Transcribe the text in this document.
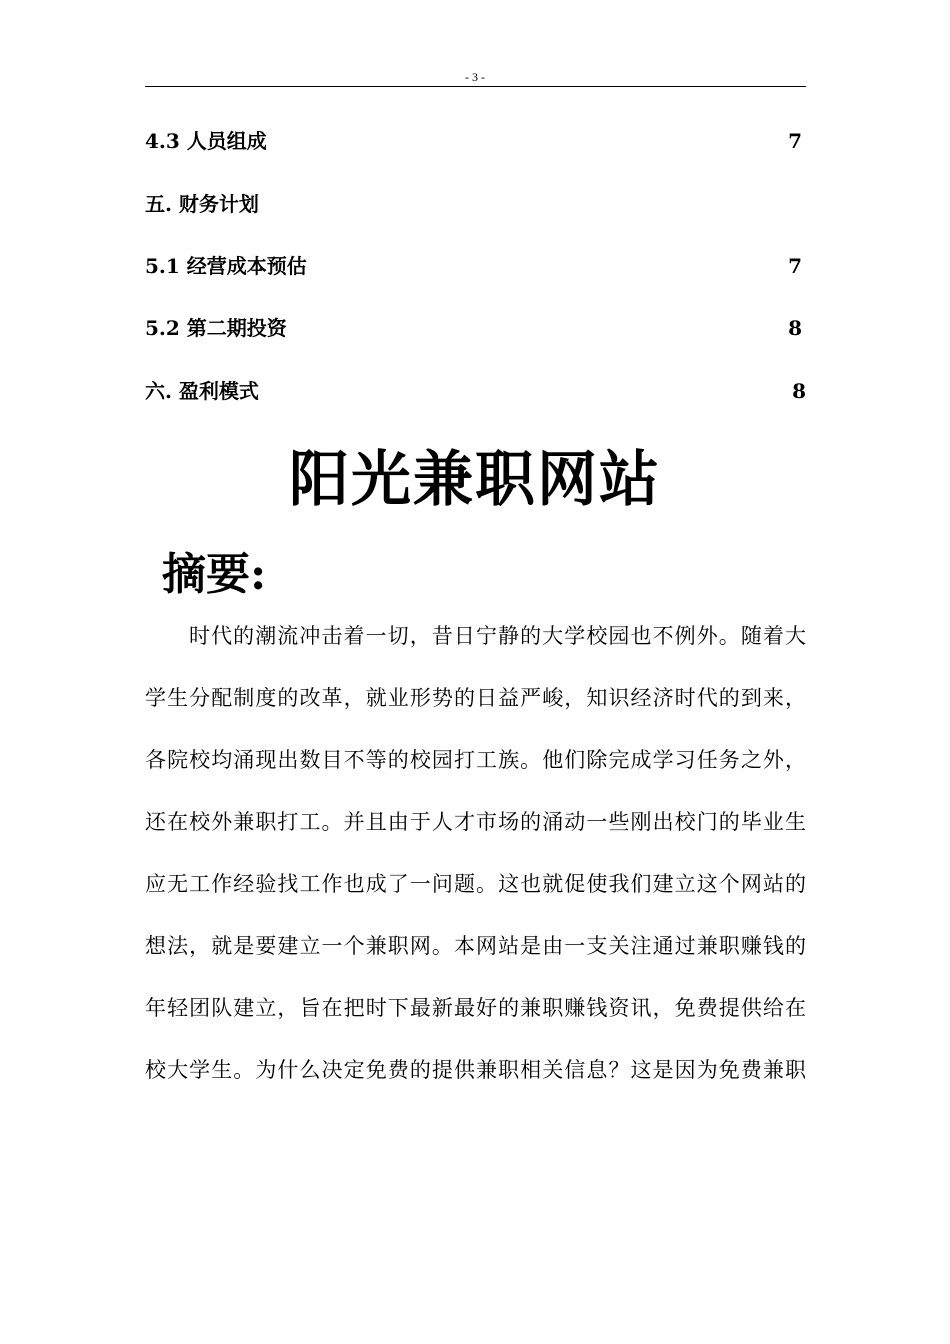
- 3 -
4.3 人员组成	7
五. 财务计划
5.1 经营成本预估	7
5.2 第二期投资	8
六. 盈利模式	8
阳光兼职网站
摘要:
时代的潮流冲击着一切，昔日宁静的大学校园也不例外。随着大
学生分配制度的改革，就业形势的日益严峻，知识经济时代的到来，
各院校均涌现出数目不等的校园打工族。他们除完成学习任务之外，
还在校外兼职打工。并且由于人才市场的涌动一些刚出校门的毕业生
应无工作经验找工作也成了一问题。这也就促使我们建立这个网站的
想法，就是要建立一个兼职网。本网站是由一支关注通过兼职赚钱的
年轻团队建立，旨在把时下最新最好的兼职赚钱资讯，免费提供给在
校大学生。为什么决定免费的提供兼职相关信息？这是因为免费兼职
